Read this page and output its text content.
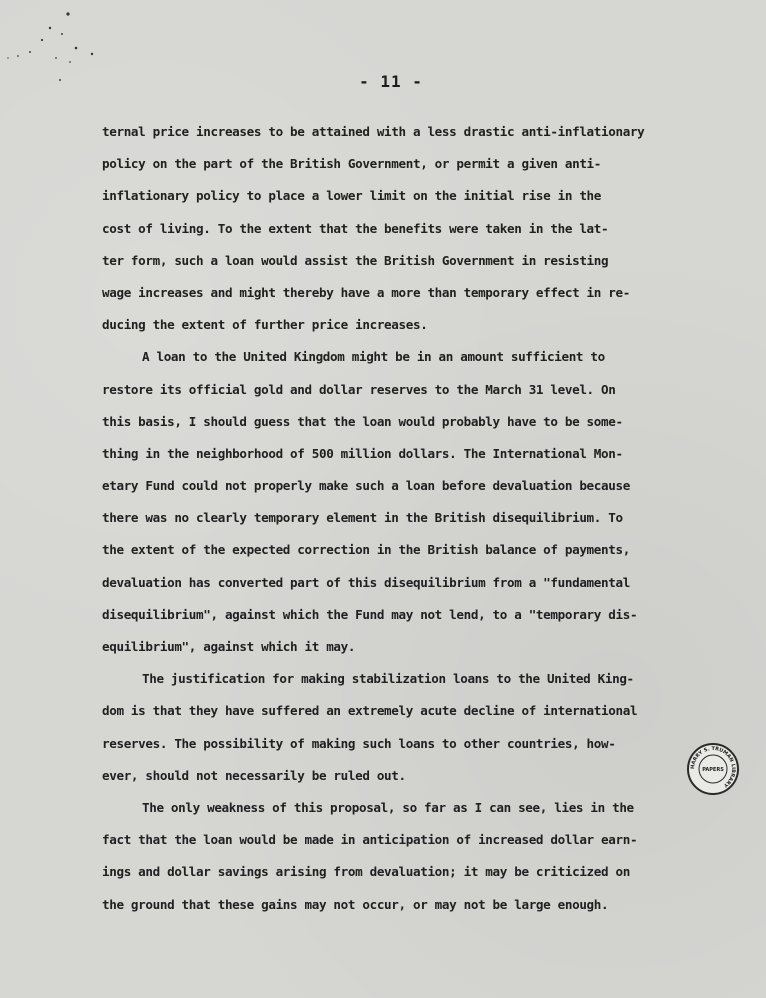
- 11 -
ternal price increases to be attained with a less drastic anti-inflationary
policy on the part of the British Government, or permit a given anti-
inflationary policy to place a lower limit on the initial rise in the
cost of living. To the extent that the benefits were taken in the lat-
ter form, such a loan would assist the British Government in resisting
wage increases and might thereby have a more than temporary effect in re-
ducing the extent of further price increases.
A loan to the United Kingdom might be in an amount sufficient to
restore its official gold and dollar reserves to the March 31 level. On
this basis, I should guess that the loan would probably have to be some-
thing in the neighborhood of 500 million dollars. The International Mon-
etary Fund could not properly make such a loan before devaluation because
there was no clearly temporary element in the British disequilibrium. To
the extent of the expected correction in the British balance of payments,
devaluation has converted part of this disequilibrium from a "fundamental
disequilibrium", against which the Fund may not lend, to a "temporary dis-
equilibrium", against which it may.
The justification for making stabilization loans to the United King-
dom is that they have suffered an extremely acute decline of international
reserves. The possibility of making such loans to other countries, how-
ever, should not necessarily be ruled out.
The only weakness of this proposal, so far as I can see, lies in the
fact that the loan would be made in anticipation of increased dollar earn-
ings and dollar savings arising from devaluation; it may be criticized on
the ground that these gains may not occur, or may not be large enough.
HARRY S. TRUMAN LIBRARY
PAPERS
